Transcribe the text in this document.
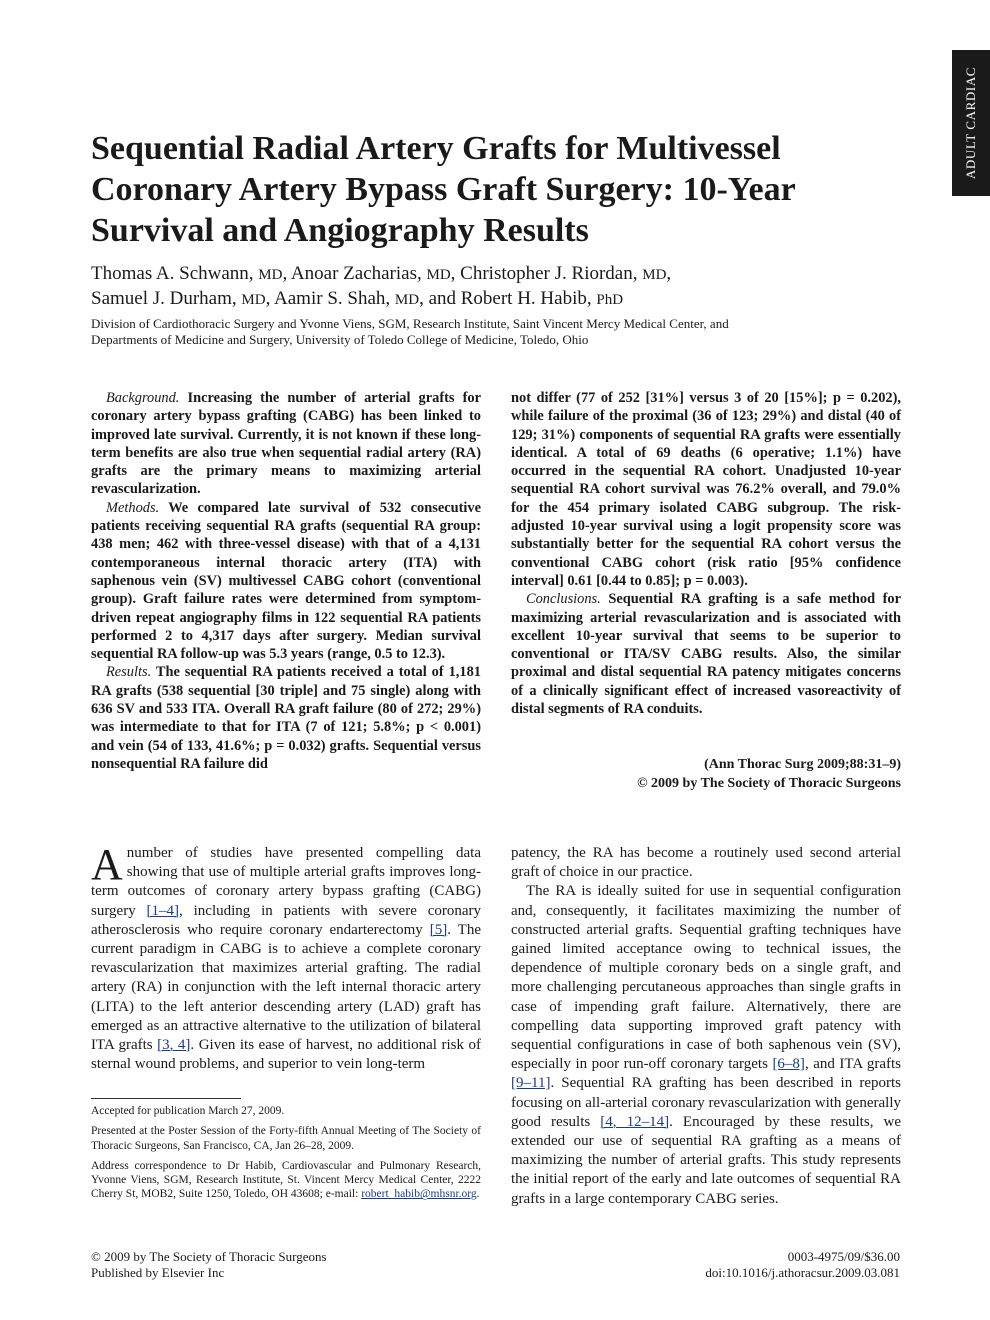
ADULT CARDIAC
Sequential Radial Artery Grafts for Multivessel Coronary Artery Bypass Graft Surgery: 10-Year Survival and Angiography Results
Thomas A. Schwann, MD, Anoar Zacharias, MD, Christopher J. Riordan, MD,
Samuel J. Durham, MD, Aamir S. Shah, MD, and Robert H. Habib, PhD
Division of Cardiothoracic Surgery and Yvonne Viens, SGM, Research Institute, Saint Vincent Mercy Medical Center, and
Departments of Medicine and Surgery, University of Toledo College of Medicine, Toledo, Ohio

Background. Increasing the number of arterial grafts for coronary artery bypass grafting (CABG) has been linked to improved late survival. Currently, it is not known if these long-term benefits are also true when sequential radial artery (RA) grafts are the primary means to maximizing arterial revascularization.

Methods. We compared late survival of 532 consecutive patients receiving sequential RA grafts (sequential RA group: 438 men; 462 with three-vessel disease) with that of a 4,131 contemporaneous internal thoracic artery (ITA) with saphenous vein (SV) multivessel CABG cohort (conventional group). Graft failure rates were determined from symptom-driven repeat angiography films in 122 sequential RA patients performed 2 to 4,317 days after surgery. Median survival sequential RA follow-up was 5.3 years (range, 0.5 to 12.3).

Results. The sequential RA patients received a total of 1,181 RA grafts (538 sequential [30 triple] and 75 single) along with 636 SV and 533 ITA. Overall RA graft failure (80 of 272; 29%) was intermediate to that for ITA (7 of 121; 5.8%; p < 0.001) and vein (54 of 133, 41.6%; p = 0.032) grafts. Sequential versus nonsequential RA failure did

not differ (77 of 252 [31%] versus 3 of 20 [15%]; p = 0.202), while failure of the proximal (36 of 123; 29%) and distal (40 of 129; 31%) components of sequential RA grafts were essentially identical. A total of 69 deaths (6 operative; 1.1%) have occurred in the sequential RA cohort. Unadjusted 10-year sequential RA cohort survival was 76.2% overall, and 79.0% for the 454 primary isolated CABG subgroup. The risk-adjusted 10-year survival using a logit propensity score was substantially better for the sequential RA cohort versus the conventional CABG cohort (risk ratio [95% confidence interval] 0.61 [0.44 to 0.85]; p = 0.003).

Conclusions. Sequential RA grafting is a safe method for maximizing arterial revascularization and is associated with excellent 10-year survival that seems to be superior to conventional or ITA/SV CABG results. Also, the similar proximal and distal sequential RA patency mitigates concerns of a clinically significant effect of increased vasoreactivity of distal segments of RA conduits.

(Ann Thorac Surg 2009;88:31–9)
© 2009 by The Society of Thoracic Surgeons

A number of studies have presented compelling data showing that use of multiple arterial grafts improves long-term outcomes of coronary artery bypass grafting (CABG) surgery [1–4], including in patients with severe coronary atherosclerosis who require coronary endarterectomy [5]. The current paradigm in CABG is to achieve a complete coronary revascularization that maximizes arterial grafting. The radial artery (RA) in conjunction with the left internal thoracic artery (LITA) to the left anterior descending artery (LAD) graft has emerged as an attractive alternative to the utilization of bilateral ITA grafts [3, 4]. Given its ease of harvest, no additional risk of sternal wound problems, and superior to vein long-term

patency, the RA has become a routinely used second arterial graft of choice in our practice.

The RA is ideally suited for use in sequential configuration and, consequently, it facilitates maximizing the number of constructed arterial grafts. Sequential grafting techniques have gained limited acceptance owing to technical issues, the dependence of multiple coronary beds on a single graft, and more challenging percutaneous approaches than single grafts in case of impending graft failure. Alternatively, there are compelling data supporting improved graft patency with sequential configurations in case of both saphenous vein (SV), especially in poor run-off coronary targets [6–8], and ITA grafts [9–11]. Sequential RA grafting has been described in reports focusing on all-arterial coronary revascularization with generally good results [4, 12–14]. Encouraged by these results, we extended our use of sequential RA grafting as a means of maximizing the number of arterial grafts. This study represents the initial report of the early and late outcomes of sequential RA grafts in a large contemporary CABG series.

Accepted for publication March 27, 2009.

Presented at the Poster Session of the Forty-fifth Annual Meeting of The Society of Thoracic Surgeons, San Francisco, CA, Jan 26–28, 2009.

Address correspondence to Dr Habib, Cardiovascular and Pulmonary Research, Yvonne Viens, SGM, Research Institute, St. Vincent Mercy Medical Center, 2222 Cherry St, MOB2, Suite 1250, Toledo, OH 43608; e-mail: robert_habib@mhsnr.org.

© 2009 by The Society of Thoracic Surgeons
Published by Elsevier Inc
0003-4975/09/$36.00
doi:10.1016/j.athoracsur.2009.03.081
